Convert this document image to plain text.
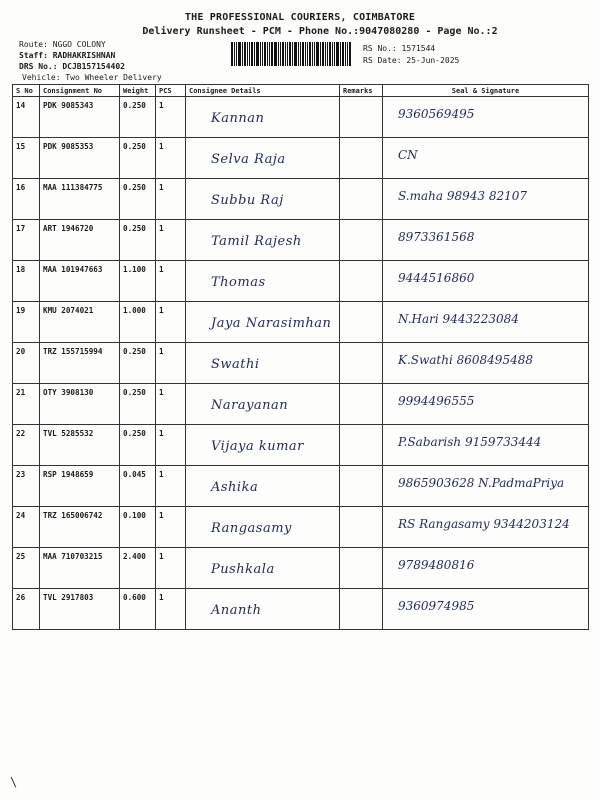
THE PROFESSIONAL COURIERS, COIMBATORE
Delivery Runsheet - PCM - Phone No.:9047080280 - Page No.:2
Route: NGGO COLONY
Staff: RADHAKRISHNAN
DRS No.: DCJB157154402
Vehicle: Two Wheeler Delivery
RS No.: 1571544
RS Date: 25-Jun-2025
S No	Consignment No	Weight	PCS	Consignee Details	Remarks	Seal & Signature
14	PDK 9085343	0.250	1	Kannan		9360569495

15	PDK 9085353	0.250	1	Selva Raja		CN

16	MAA 111384775	0.250	1	Subbu Raj		S.maha 98943 82107

17	ART 1946720	0.250	1	Tamil Rajesh		8973361568

18	MAA 101947663	1.100	1	Thomas		9444516860

19	KMU 2074021	1.000	1	Jaya Narasimhan		N.Hari 9443223084

20	TRZ 155715994	0.250	1	Swathi		K.Swathi 8608495488

21	OTY 3908130	0.250	1	Narayanan		9994496555

22	TVL 5285532	0.250	1	Vijaya kumar		P.Sabarish 9159733444

23	RSP 1948659	0.045	1	Ashika		9865903628 N.PadmaPriya

24	TRZ 165006742	0.100	1	Rangasamy		RS Rangasamy 9344203124

25	MAA 710703215	2.400	1	Pushkala		9789480816

26	TVL 2917803	0.600	1	Ananth		9360974985
\
